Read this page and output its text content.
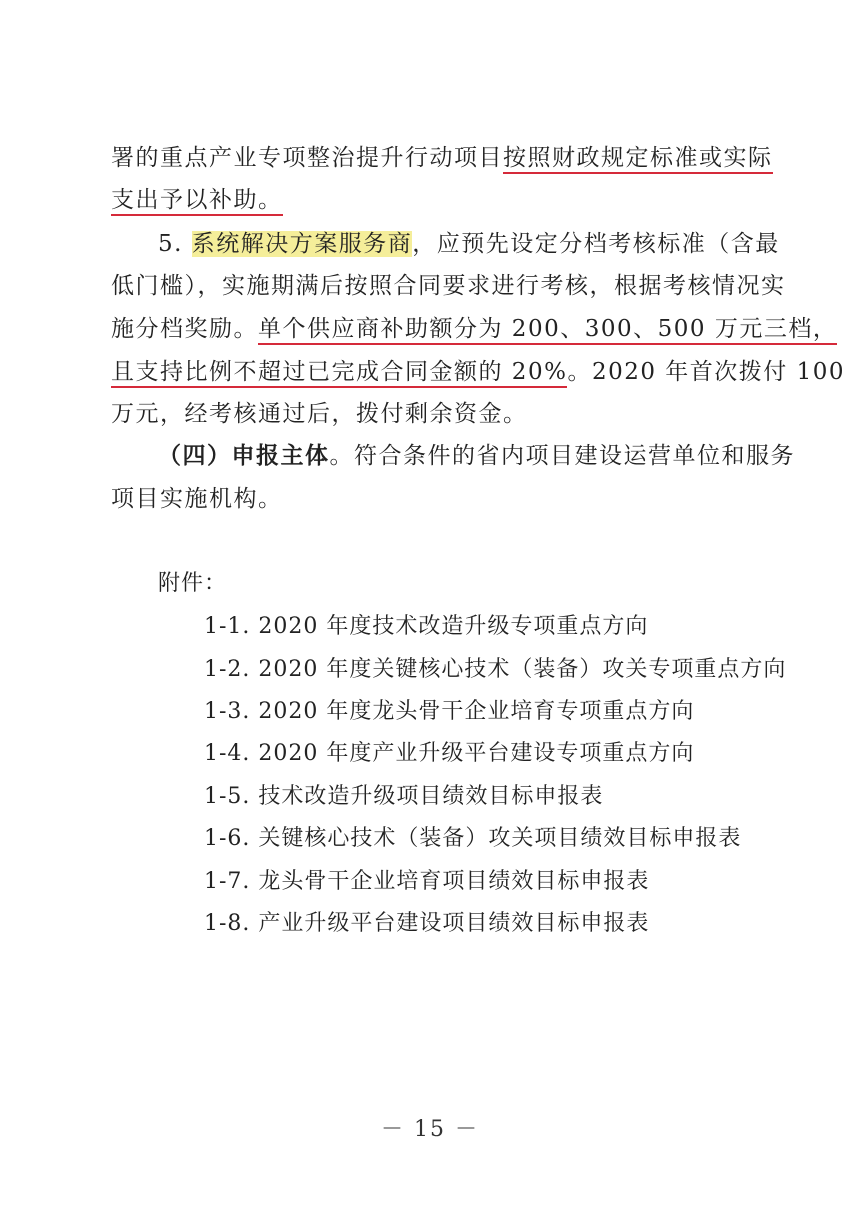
署的重点产业专项整治提升行动项目按照财政规定标准或实际
支出予以补助。
5. 系统解决方案服务商，应预先设定分档考核标准（含最
低门槛），实施期满后按照合同要求进行考核，根据考核情况实
施分档奖励。单个供应商补助额分为 200、300、500 万元三档，
且支持比例不超过已完成合同金额的 20%。2020 年首次拨付 100
万元，经考核通过后，拨付剩余资金。
（四）申报主体。符合条件的省内项目建设运营单位和服务
项目实施机构。
附件：
1-1. 2020 年度技术改造升级专项重点方向
1-2. 2020 年度关键核心技术（装备）攻关专项重点方向
1-3. 2020 年度龙头骨干企业培育专项重点方向
1-4. 2020 年度产业升级平台建设专项重点方向
1-5. 技术改造升级项目绩效目标申报表
1-6. 关键核心技术（装备）攻关项目绩效目标申报表
1-7. 龙头骨干企业培育项目绩效目标申报表
1-8. 产业升级平台建设项目绩效目标申报表
－ 15 －
